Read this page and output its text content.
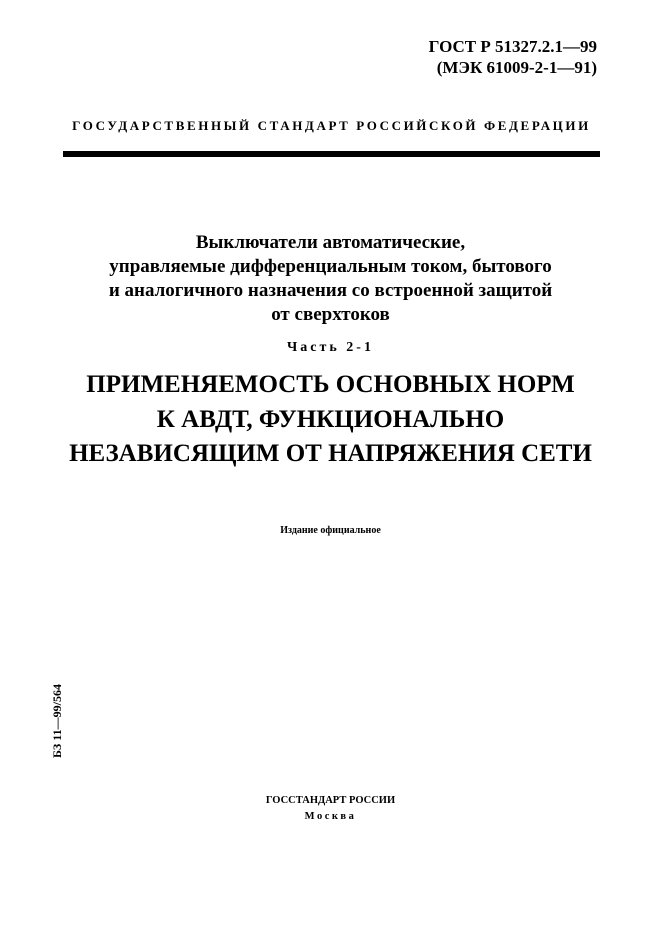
ГОСТ Р 51327.2.1—99
(МЭК 61009-2-1—91)
ГОСУДАРСТВЕННЫЙ СТАНДАРТ РОССИЙСКОЙ ФЕДЕРАЦИИ
Выключатели автоматические,
управляемые дифференциальным током, бытового
и аналогичного назначения со встроенной защитой
от сверхтоков
Часть 2-1
ПРИМЕНЯЕМОСТЬ ОСНОВНЫХ НОРМ
К АВДТ, ФУНКЦИОНАЛЬНО
НЕЗАВИСЯЩИМ ОТ НАПРЯЖЕНИЯ СЕТИ
Издание официальное
БЗ 11—99/564
ГОССТАНДАРТ РОССИИ
Москва
